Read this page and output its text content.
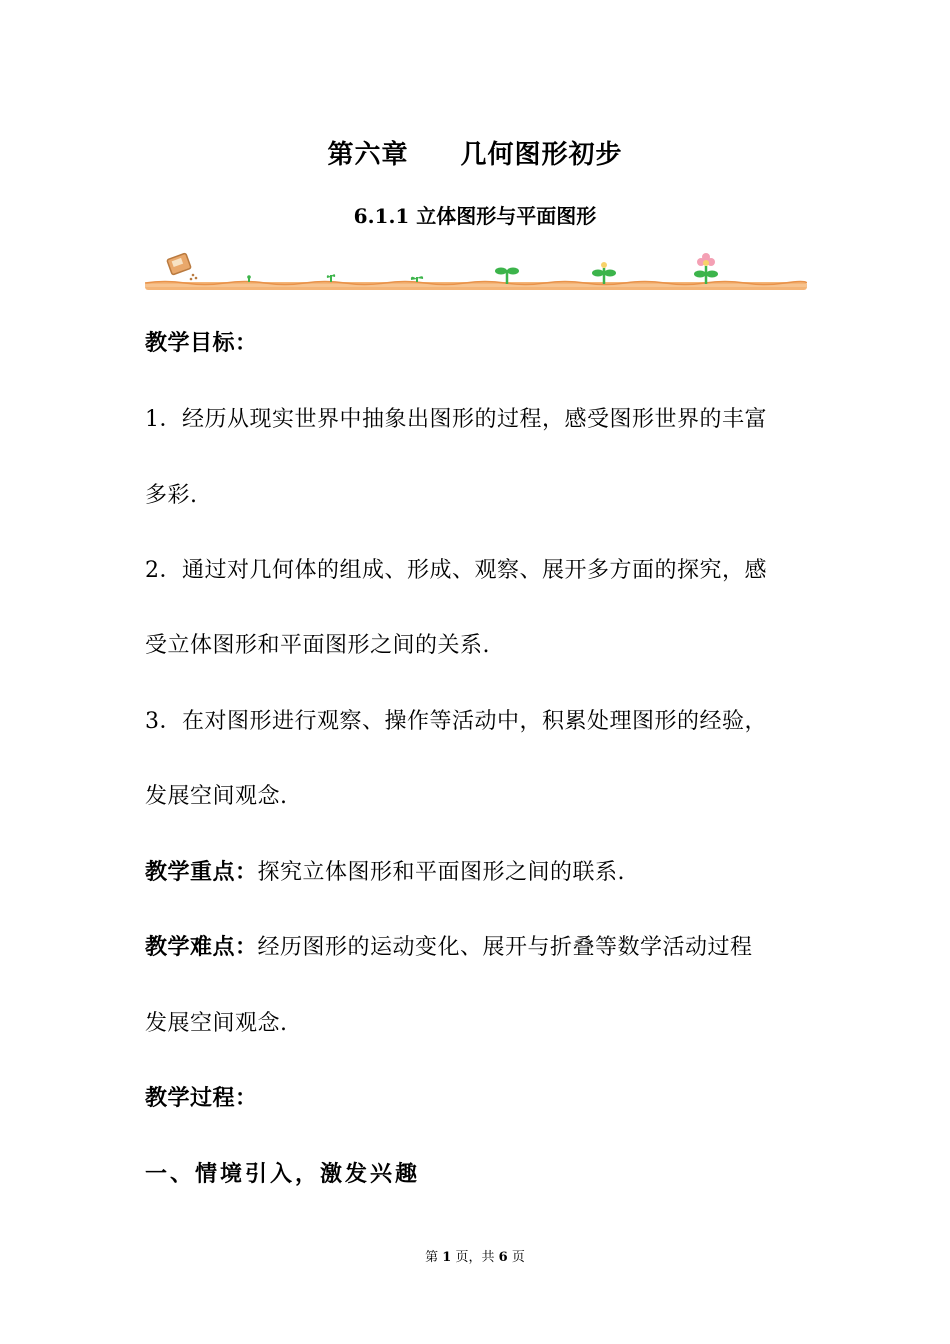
第六章 几何图形初步
6.1.1 立体图形与平面图形
教学目标：
1．经历从现实世界中抽象出图形的过程，感受图形世界的丰富
多彩.
2．通过对几何体的组成、形成、观察、展开多方面的探究，感
受立体图形和平面图形之间的关系.
3．在对图形进行观察、操作等活动中，积累处理图形的经验，
发展空间观念.
教学重点：探究立体图形和平面图形之间的联系.
教学难点：经历图形的运动变化、展开与折叠等数学活动过程
发展空间观念.
教学过程：
一、情境引入，激发兴趣
第 1 页，共 6 页
